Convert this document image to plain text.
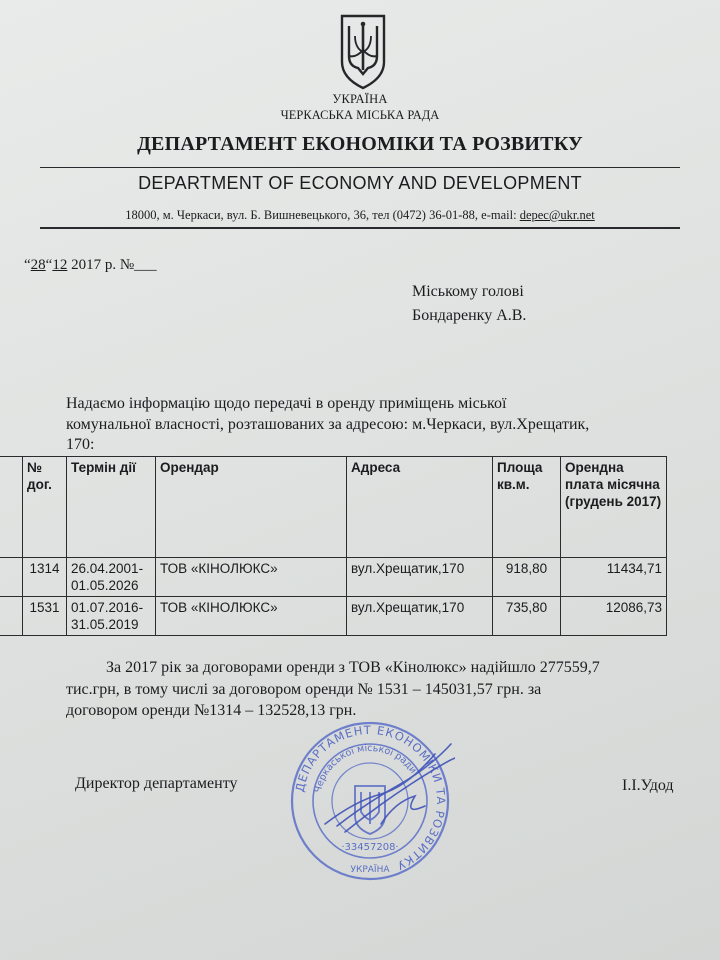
УКРАЇНА
ЧЕРКАСЬКА МІСЬКА РАДА
ДЕПАРТАМЕНТ ЕКОНОМІКИ ТА РОЗВИТКУ
DEPARTMENT OF ECONOMY AND DEVELOPMENT
18000, м. Черкаси, вул. Б. Вишневецького, 36, тел (0472) 36-01-88, e-mail: depec@ukr.net
“28“12 2017 р. №___
Міському голові
Бондаренку А.В.
Надаємо інформацію щодо передачі в оренду приміщень міської
комунальної власності, розташованих за адресою: м.Черкаси, вул.Хрещатик,
170:
	№ дог.	Термін дії	Орендар	Адреса	Площа кв.м.	Орендна плата місячна (грудень 2017)
	1314	26.04.2001-
01.05.2026	ТОВ «КІНОЛЮКС»	вул.Хрещатик,170	918,80	11434,71
	1531	01.07.2016-
31.05.2019	ТОВ «КІНОЛЮКС»	вул.Хрещатик,170	735,80	12086,73
За 2017 рік за договорами оренди з ТОВ «Кінолюкс» надійшло 277559,7
тис.грн, в тому числі за договором оренди № 1531 – 145031,57 грн. за
договором оренди №1314 – 132528,13 грн.
Директор департаменту	ДЕПАРТАМЕНТ ЕКОНОМІКИ ТА РОЗВИТКУ
Черкаської міської ради
·33457208·
УКРАЇНА
І.І.Удод
